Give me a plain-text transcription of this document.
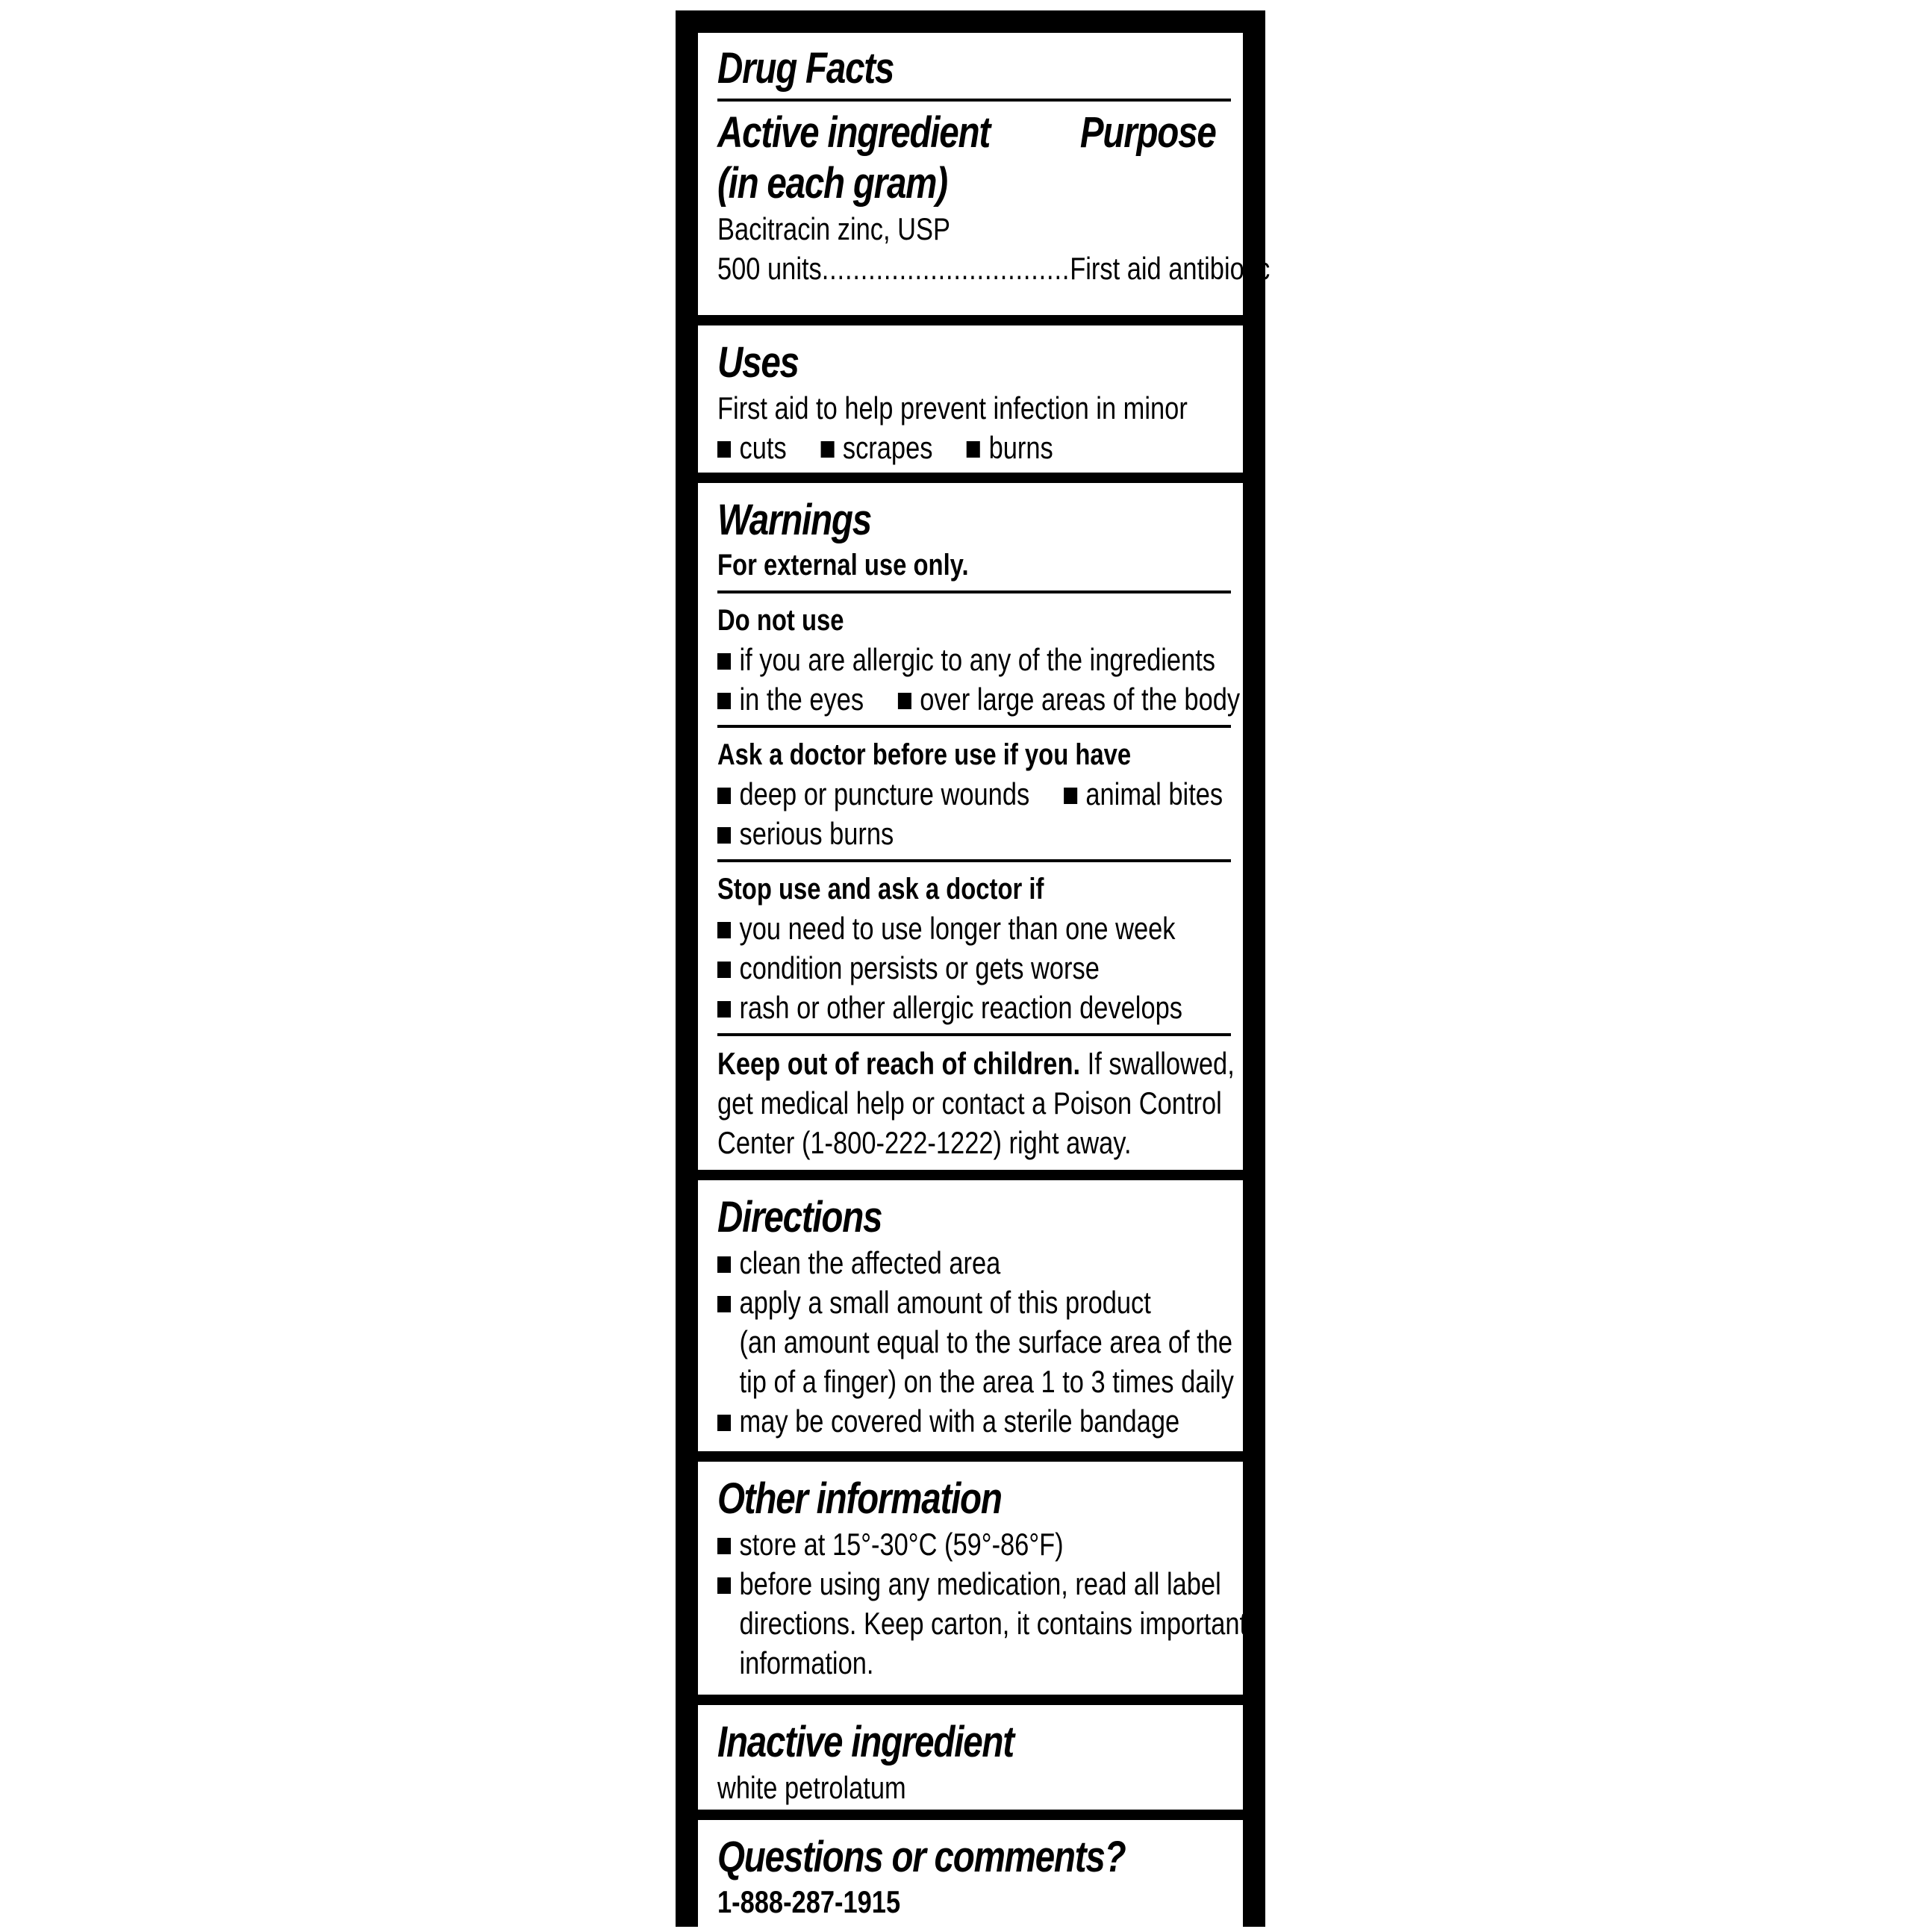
Drug Facts
Active ingredient	Purpose
(in each gram)
Bacitracin zinc, USP
500 units ................................ First aid antibiotic
Uses
First aid to help prevent infection in minor
cuts scrapes burns
Warnings
For external use only.
Do not use
if you are allergic to any of the ingredients
in the eyes over large areas of the body
Ask a doctor before use if you have
deep or puncture wounds animal bites
serious burns
Stop use and ask a doctor if
you need to use longer than one week
condition persists or gets worse
rash or other allergic reaction develops
Keep out of reach of children. If swallowed,
get medical help or contact a Poison Control
Center (1-800-222-1222) right away.
Directions
clean the affected area
apply a small amount of this product
(an amount equal to the surface area of the
tip of a finger) on the area 1 to 3 times daily
may be covered with a sterile bandage
Other information
store at 15°-30°C (59°-86°F)
before using any medication, read all label
directions. Keep carton, it contains important
information.
Inactive ingredient
white petrolatum
Questions or comments?
1-888-287-1915
